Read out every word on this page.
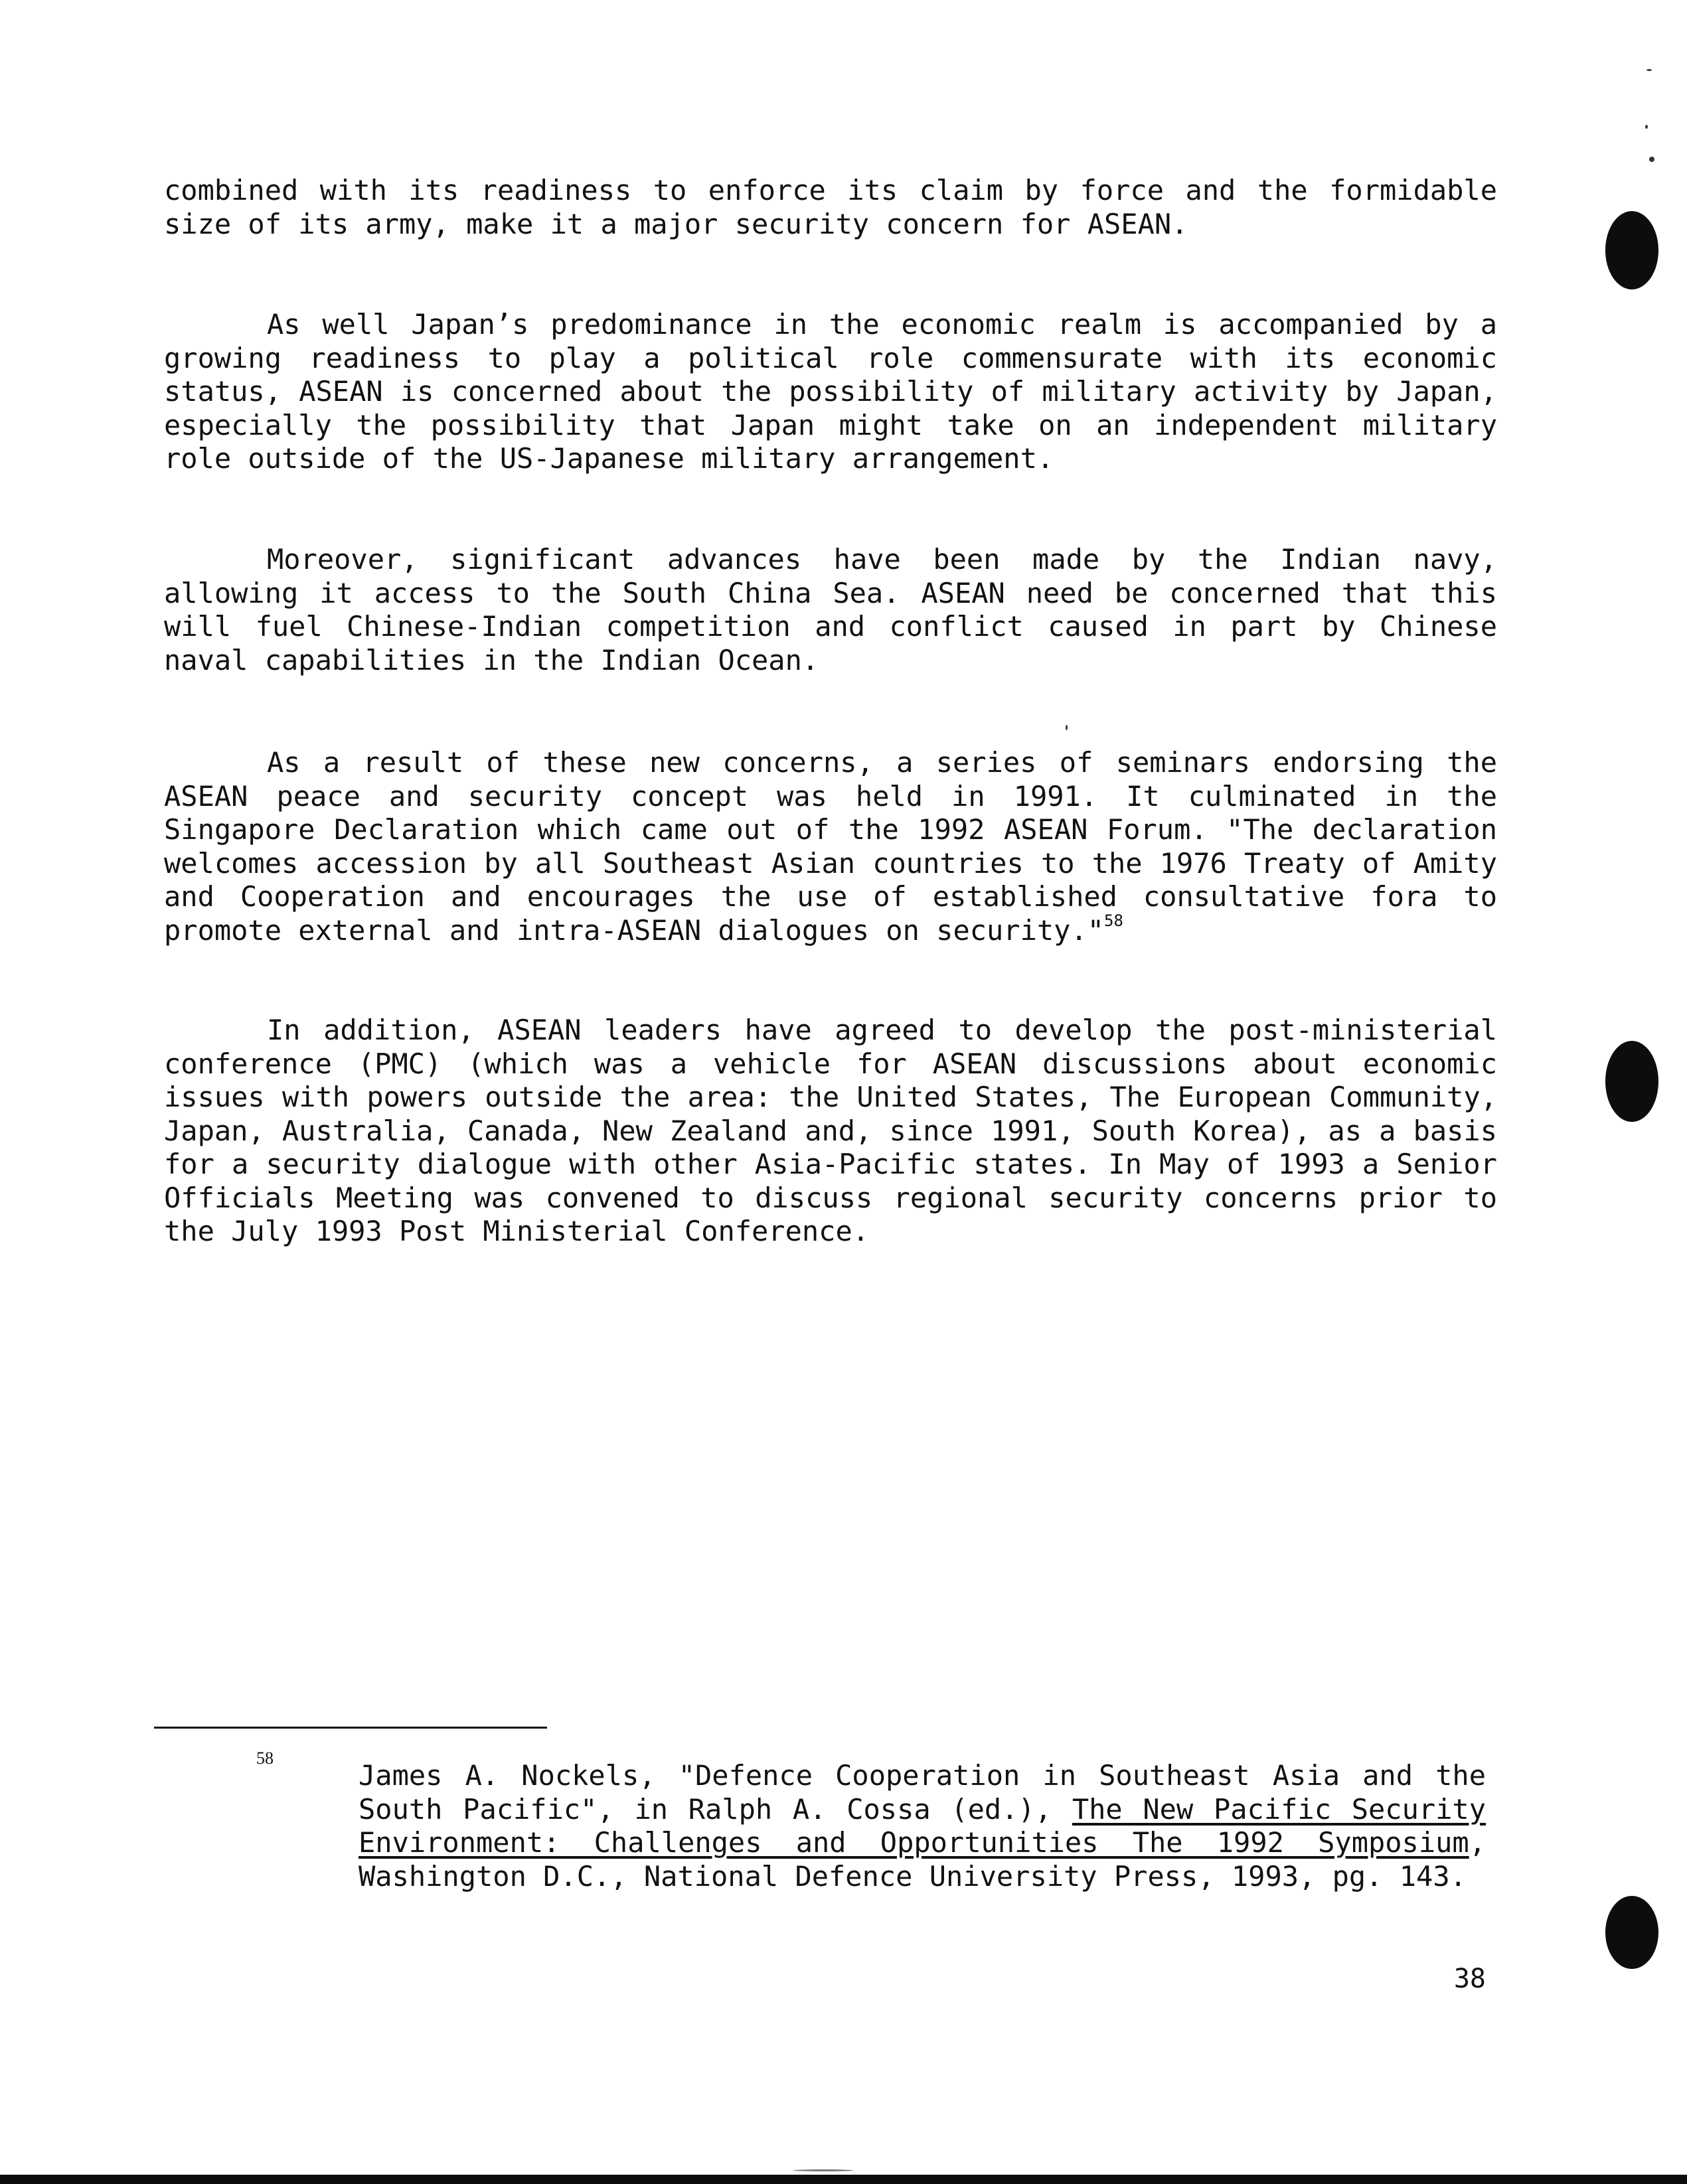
combined with its readiness to enforce its claim by force and the formidable size of its army, make it a major security concern for ASEAN.

As well Japan’s predominance in the economic realm is accompanied by a growing readiness to play a political role commensurate with its economic status, ASEAN is concerned about the possibility of military activity by Japan, especially the possibility that Japan might take on an independent military role outside of the US-Japanese military arrangement.

Moreover, significant advances have been made by the Indian navy, allowing it access to the South China Sea. ASEAN need be concerned that this will fuel Chinese-Indian competition and conflict caused in part by Chinese naval capabilities in the Indian Ocean.

As a result of these new concerns, a series of seminars endorsing the ASEAN peace and security concept was held in 1991. It culminated in the Singapore Declaration which came out of the 1992 ASEAN Forum. "The declaration welcomes accession by all Southeast Asian countries to the 1976 Treaty of Amity and Cooperation and encourages the use of established consultative fora to promote external and intra-ASEAN dialogues on security."$^{58}$

In addition, ASEAN leaders have agreed to develop the post-ministerial conference (PMC) (which was a vehicle for ASEAN discussions about economic issues with powers outside the area: the United States, The European Community, Japan, Australia, Canada, New Zealand and, since 1991, South Korea), as a basis for a security dialogue with other Asia-Pacific states. In May of 1993 a Senior Officials Meeting was convened to discuss regional security concerns prior to the July 1993 Post Ministerial Conference.

58

James A. Nockels, "Defence Cooperation in Southeast Asia and the South Pacific", in Ralph A. Cossa (ed.), The New Pacific Security Environment: Challenges and Opportunities The 1992 Symposium, Washington D.C., National Defence University Press, 1993, pg. 143.

38
